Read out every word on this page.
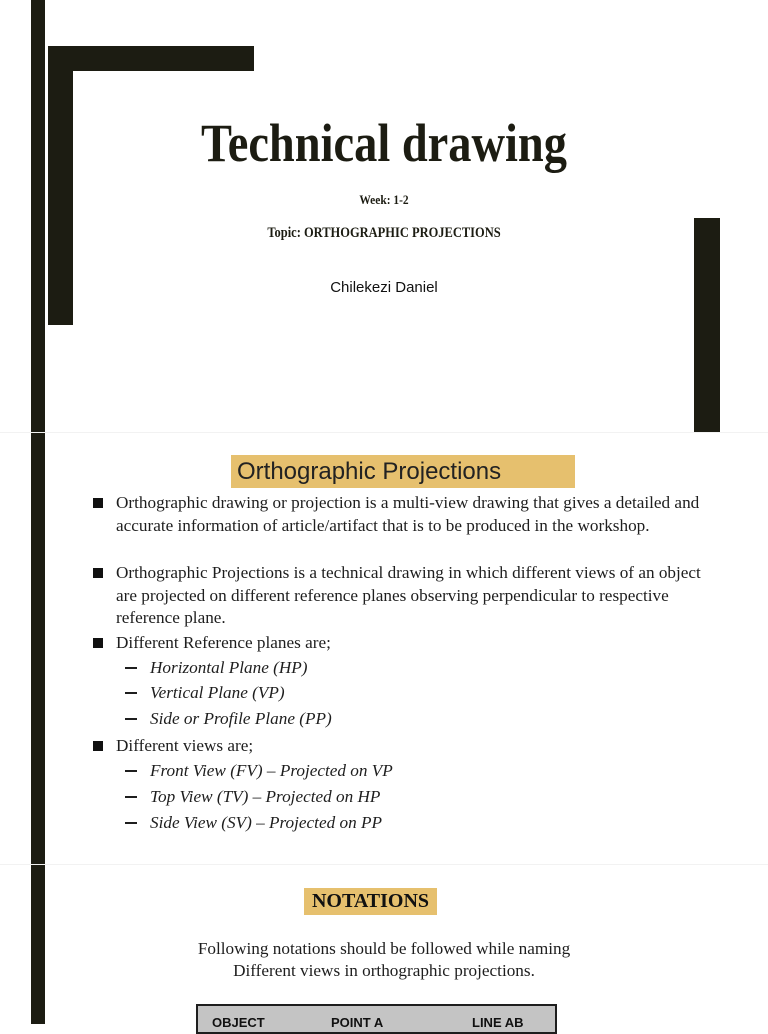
Technical drawing
Week: 1-2
Topic: ORTHOGRAPHIC PROJECTIONS
Chilekezi Daniel
Orthographic Projections
Orthographic drawing or projection is a multi-view drawing that gives a detailed and accurate information of article/artifact that is to be produced in the workshop.
Orthographic Projections is a technical drawing in which different views of an object are projected on different reference planes observing perpendicular to respective reference plane.
Different Reference planes are;
Horizontal Plane (HP)
Vertical Plane (VP)
Side or Profile Plane (PP)
Different views are;
Front View (FV) – Projected on VP
Top View (TV) – Projected on HP
Side View (SV) – Projected on PP
NOTATIONS
Following notations should be followed while naming
Different views in orthographic projections.
OBJECT	POINT A	LINE AB
